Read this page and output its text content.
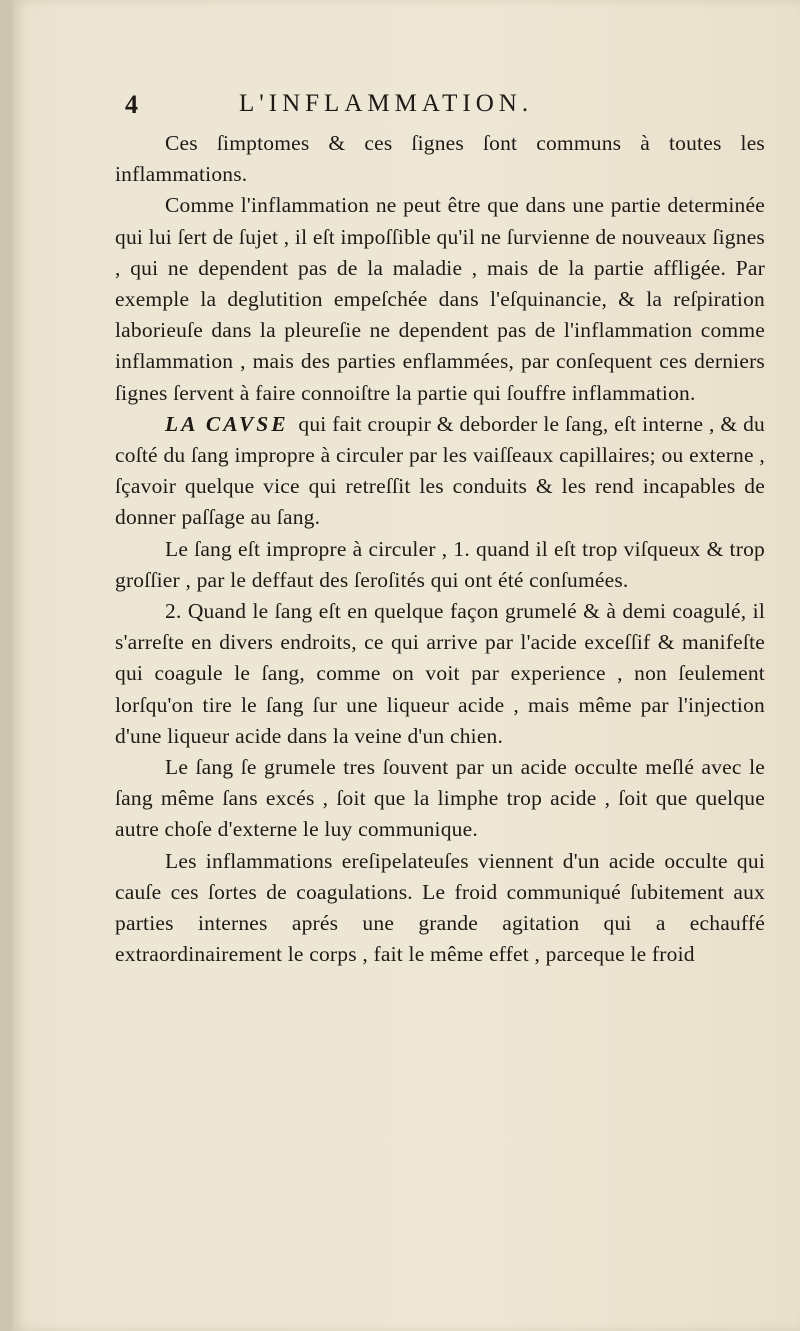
4	L'INFLAMMATION.

Ces ſimptomes & ces ſignes ſont communs à toutes les inflammations.

Comme l'inflammation ne peut être que dans une partie determinée qui lui ſert de ſujet , il eſt impoſſible qu'il ne ſurvienne de nouveaux ſignes , qui ne dependent pas de la maladie , mais de la partie affligée. Par exemple la deglutition empeſchée dans l'eſquinancie, & la reſpiration laborieuſe dans la pleureſie ne dependent pas de l'inflammation comme inflammation , mais des parties enflammées, par conſequent ces derniers ſignes ſervent à faire connoiſtre la partie qui ſouffre inflammation.

LA CAVSE qui fait croupir & deborder le ſang, eſt interne , & du coſté du ſang impropre à circuler par les vaiſſeaux capillaires; ou externe , ſçavoir quelque vice qui retreſſit les conduits & les rend incapables de donner paſſage au ſang.

Le ſang eſt impropre à circuler , 1. quand il eſt trop viſqueux & trop groſſier , par le deffaut des ſeroſités qui ont été conſumées.

2. Quand le ſang eſt en quelque façon grumelé & à demi coagulé, il s'arreſte en divers endroits, ce qui arrive par l'acide exceſſif & manifeſte qui coagule le ſang, comme on voit par experience , non ſeulement lorſqu'on tire le ſang ſur une liqueur acide , mais même par l'injection d'une liqueur acide dans la veine d'un chien.

Le ſang ſe grumele tres ſouvent par un acide occulte meſlé avec le ſang même ſans excés , ſoit que la limphe trop acide , ſoit que quelque autre choſe d'externe le luy communique.

Les inflammations ereſipelateuſes viennent d'un acide occulte qui cauſe ces ſortes de coagulations. Le froid communiqué ſubitement aux parties internes aprés une grande agitation qui a echauffé extraordinairement le corps , fait le même effet , parceque le froid
